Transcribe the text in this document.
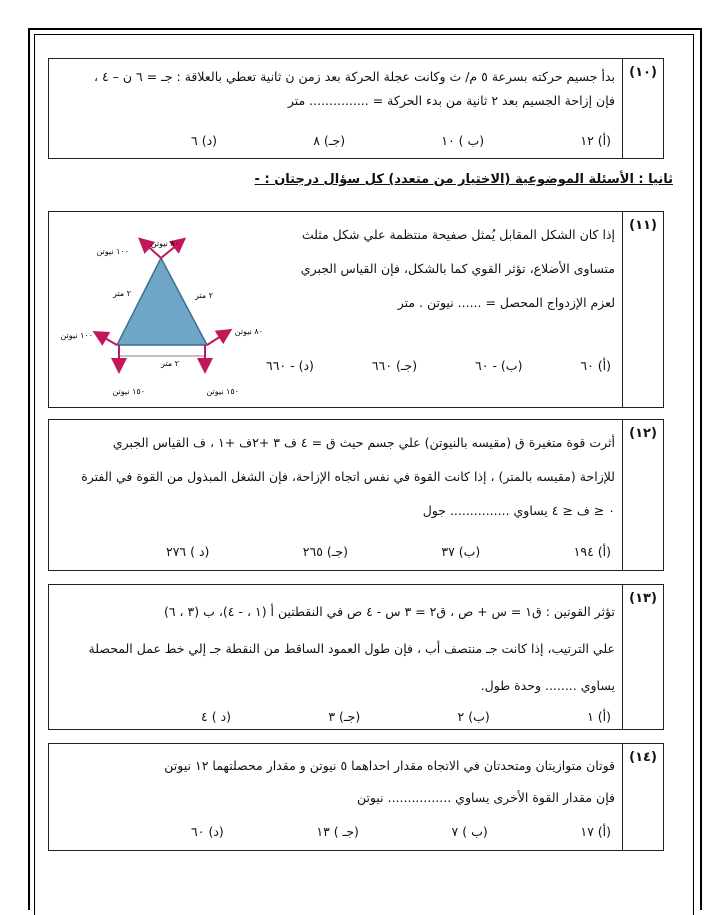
(١٠)
بدأ جسيم حركته بسرعة ٥ م/ ث وكانت عجلة الحركة بعد زمن ن ثانية تعطي بالعلاقة : جـ = ٦ ن – ٤ ،
فإن إزاحة الجسيم بعد ٢ ثانية من بدء الحركة = ............... متر
(أ) ١٢
(ب ) ١٠
(جـ) ٨
(د) ٦
ثانيا : الأسئلة الموضوعية (الاختيار من متعدد) كل سؤال درجتان : -
(١١)
إذا كان الشكل المقابل يُمثل صفيحة منتظمة علي شكل مثلث
متساوى الأضلاع، تؤثر القوي كما بالشكل، فإن القياس الجبري
لعزم الإزدواج المحصل = ...... نيوتن . متر
(أ) ٦٠
(ب) - ٦٠
(جـ) ٦٦٠
(د) - ٦٦٠
٨٠ نيوتن
١٠٠ نيوتن
١٠٠ نيوتن	٨٠ نيوتن
١٥٠ نيوتن	١٥٠ نيوتن
٢ متر	٢ متر
٢ متر
(١٢)
أثرت قوة متغيرة ق (مقيسه بالنيوتن) علي جسم حيث ق = ٤ ف ٣ +٢ف +١ ، ف القياس الجبري
للإزاحة (مقيسه بالمتر) ، إذا كانت القوة في نفس اتجاه الإزاحة، فإن الشغل المبذول من القوة في الفترة
٠ ≤ ف ≤ ٤ يساوي ............... جول
(أ) ١٩٤
(ب) ٣٧
(جـ) ٢٦٥
(د ) ٢٧٦
(١٣)
تؤثر القوتين : ق١ = س + ص ، ق٢ = ٣ س - ٤ ص في النقطتين أ (١ ، - ٤)، ب (٣ ، ٦)
علي الترتيب، إذا كانت جـ منتصف أب ، فإن طول العمود الساقط من النقطة جـ إلي خط عمل المحصلة
يساوي ........ وحدة طول.
(أ) ١
(ب) ٢
(جـ) ٣
(د ) ٤
(١٤)
قوتان متوازيتان ومتحدتان في الاتجاه مقدار احداهما ٥ نيوتن و مقدار محصلتهما ١٢ نيوتن
فإن مقدار القوة الأخرى يساوي ................ نيوتن
(أ) ١٧
(ب ) ٧
(جـ ) ١٣
(د) ٦٠
